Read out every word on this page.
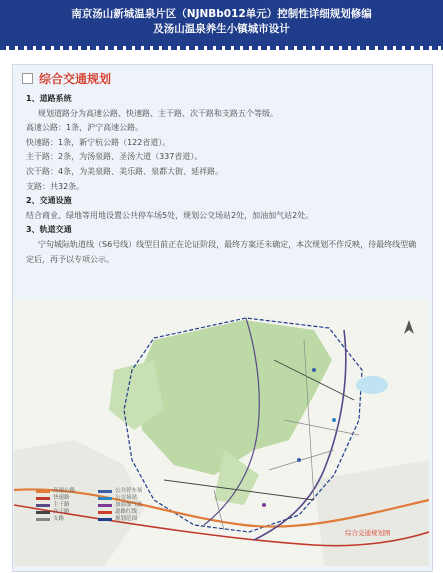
南京汤山新城温泉片区（NJNBb012单元）控制性详细规划修编
及汤山温泉养生小镇城市设计
综合交通规划

1、道路系统

规划道路分为高速公路、快速路、主干路、次干路和支路五个等级。

高速公路：1条，沪宁高速公路。

快速路：1条，新宁杭公路（122省道）。

主干路：2条，为汤泉路、圣汤大道（337省道）。

次干路：4条，为美泉路、美乐路、泉都大街、延祥路。

支路：共32条。

2、交通设施

结合商业、绿地等用地设置公共停车场5处，规划公交场站2处，加油加气站2处。

3、轨道交通

宁句城际轨道线（S6号线）线型目前正在论证阶段，最终方案还未确定，本次规划不作反映，待最终线型确定后，再予以专项公示。

高速公路	公共停车场
快速路	公交场站
主干路	加油加气站
次干路	道路红线
支路	规划范围
综合交通规划图
